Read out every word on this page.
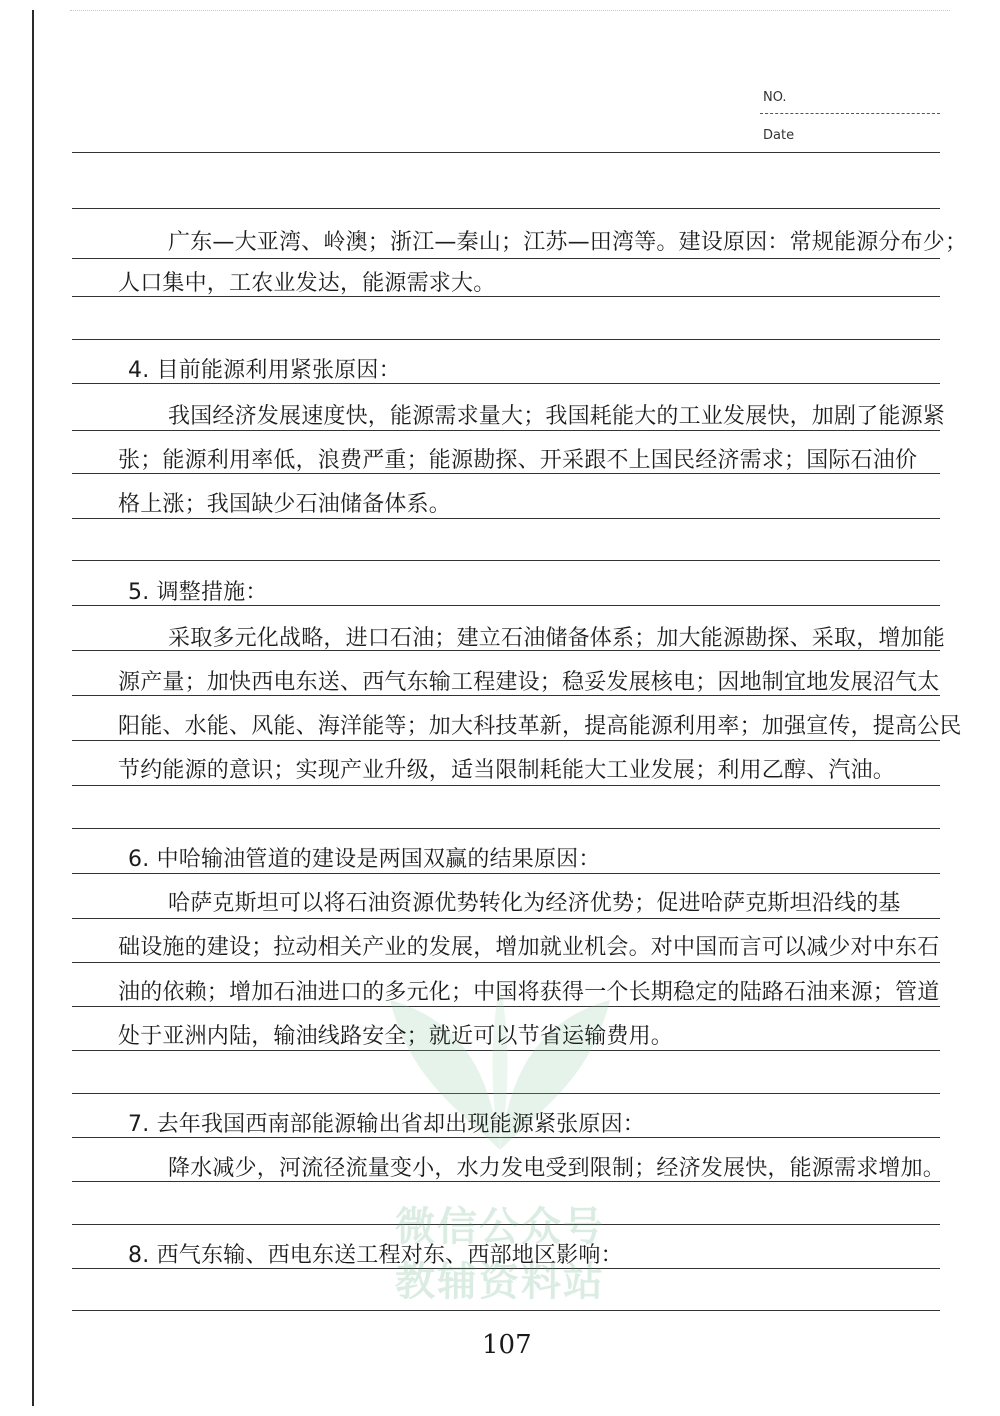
NO.
Date
微信公众号
教辅资料站
广东—大亚湾、岭澳；浙江—秦山；江苏—田湾等。建设原因：常规能源分布少；
人口集中，工农业发达，能源需求大。
4. 目前能源利用紧张原因：
我国经济发展速度快，能源需求量大；我国耗能大的工业发展快，加剧了能源紧
张；能源利用率低，浪费严重；能源勘探、开采跟不上国民经济需求；国际石油价
格上涨；我国缺少石油储备体系。
5. 调整措施：
采取多元化战略，进口石油；建立石油储备体系；加大能源勘探、采取，增加能
源产量；加快西电东送、西气东输工程建设；稳妥发展核电；因地制宜地发展沼气太
阳能、水能、风能、海洋能等；加大科技革新，提高能源利用率；加强宣传，提高公民
节约能源的意识；实现产业升级，适当限制耗能大工业发展；利用乙醇、汽油。
6. 中哈输油管道的建设是两国双赢的结果原因：
哈萨克斯坦可以将石油资源优势转化为经济优势；促进哈萨克斯坦沿线的基
础设施的建设；拉动相关产业的发展，增加就业机会。对中国而言可以减少对中东石
油的依赖；增加石油进口的多元化；中国将获得一个长期稳定的陆路石油来源；管道
处于亚洲内陆，输油线路安全；就近可以节省运输费用。
7. 去年我国西南部能源输出省却出现能源紧张原因：
降水减少，河流径流量变小，水力发电受到限制；经济发展快，能源需求增加。
8. 西气东输、西电东送工程对东、西部地区影响：
107
